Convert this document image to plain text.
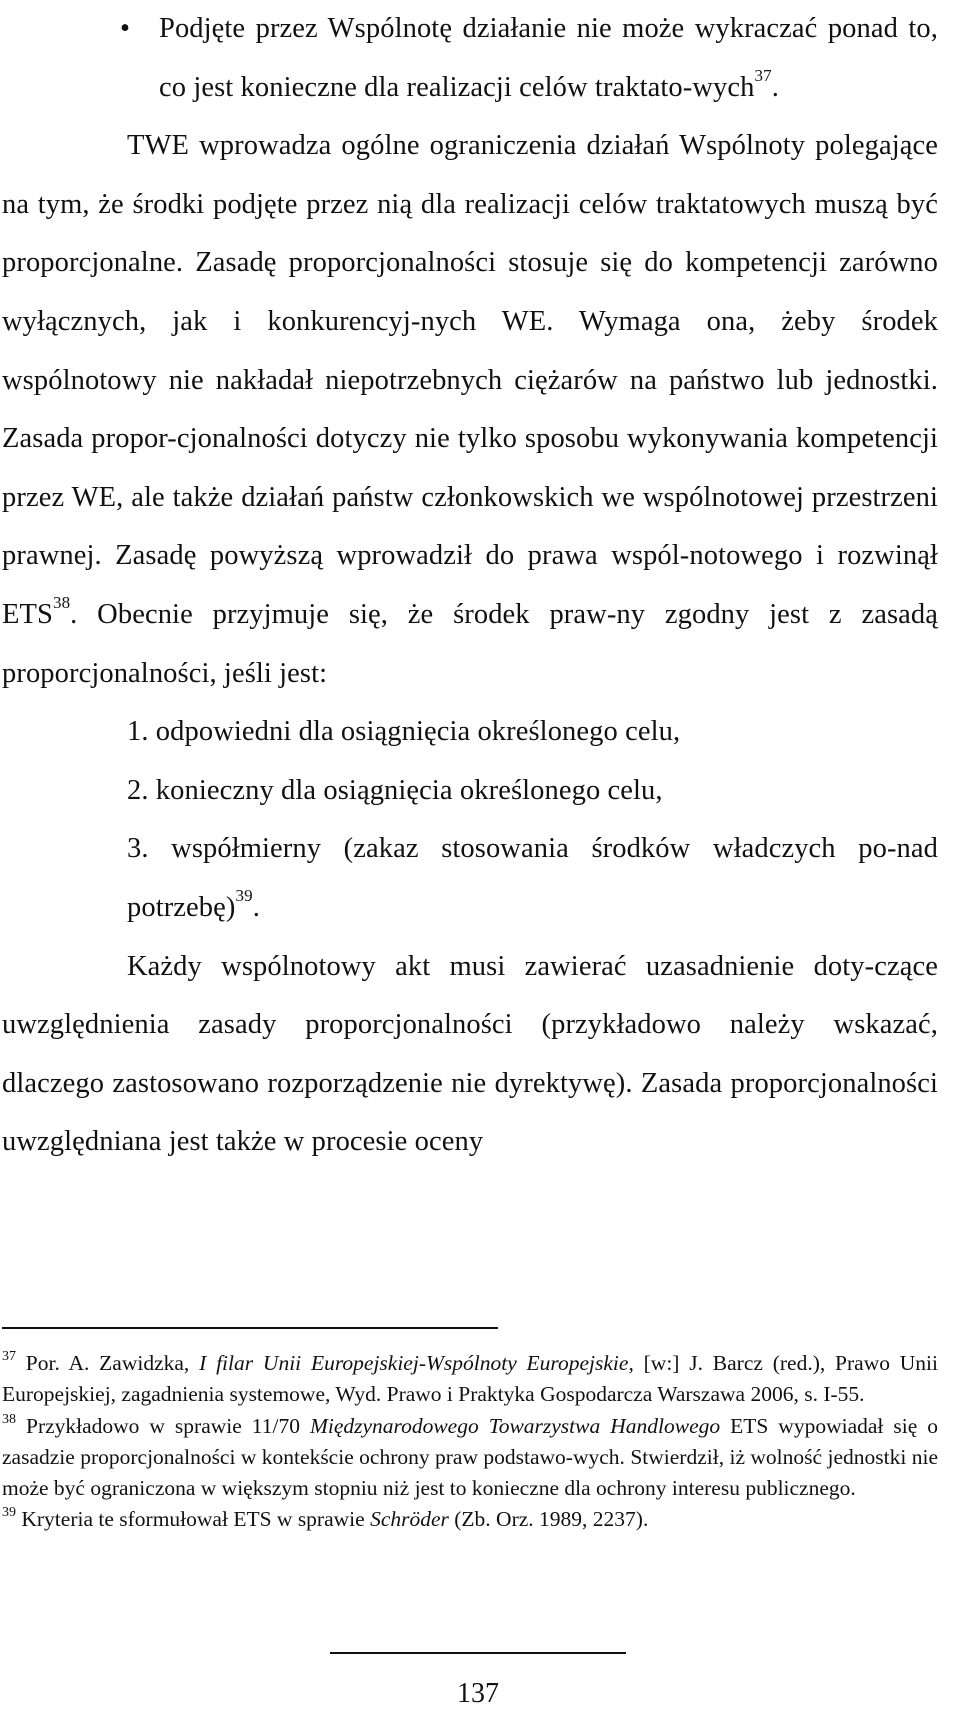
• Podjęte przez Wspólnotę działanie nie może wykraczać ponad to, co jest konieczne dla realizacji celów traktato-wych$^{37}$.

TWE wprowadza ogólne ograniczenia działań Wspólnoty polegające na tym, że środki podjęte przez nią dla realizacji celów traktatowych muszą być proporcjonalne. Zasadę proporcjonalności stosuje się do kompetencji zarówno wyłącznych, jak i konkurencyj-nych WE. Wymaga ona, żeby środek wspólnotowy nie nakładał niepotrzebnych ciężarów na państwo lub jednostki. Zasada propor-cjonalności dotyczy nie tylko sposobu wykonywania kompetencji przez WE, ale także działań państw członkowskich we wspólnotowej przestrzeni prawnej. Zasadę powyższą wprowadził do prawa wspól-notowego i rozwinął ETS$^{38}$. Obecnie przyjmuje się, że środek praw-ny zgodny jest z zasadą proporcjonalności, jeśli jest:

1. odpowiedni dla osiągnięcia określonego celu,

2. konieczny dla osiągnięcia określonego celu,

3. współmierny (zakaz stosowania środków władczych po-nad potrzebę)$^{39}$.

Każdy wspólnotowy akt musi zawierać uzasadnienie doty-czące uwzględnienia zasady proporcjonalności (przykładowo należy wskazać, dlaczego zastosowano rozporządzenie nie dyrektywę). Zasada proporcjonalności uwzględniana jest także w procesie oceny

$^{37}$ Por. A. Zawidzka, I filar Unii Europejskiej-Wspólnoty Europejskie, [w:] J. Barcz (red.), Prawo Unii Europejskiej, zagadnienia systemowe, Wyd. Prawo i Praktyka Gospodarcza Warszawa 2006, s. I-55.

$^{38}$ Przykładowo w sprawie 11/70 Międzynarodowego Towarzystwa Handlowego ETS wypowiadał się o zasadzie proporcjonalności w kontekście ochrony praw podstawo-wych. Stwierdził, iż wolność jednostki nie może być ograniczona w większym stopniu niż jest to konieczne dla ochrony interesu publicznego.

$^{39}$ Kryteria te sformułował ETS w sprawie Schröder (Zb. Orz. 1989, 2237).

137
